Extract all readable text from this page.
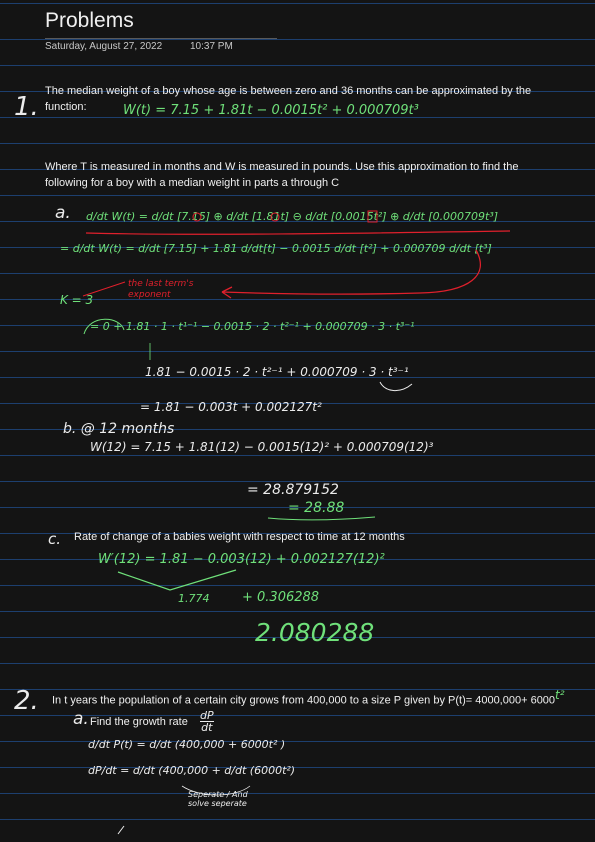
Problems
Saturday, August 27, 2022	10:37 PM
1.
The median weight of a boy whose age is between zero and 36 months can be approximated by the function:	W(t) = 7.15 + 1.81t − 0.0015t² + 0.000709t³
Where T is measured in months and W is measured in pounds. Use this approximation to find the following for a boy with a median weight in parts a through C
a. d/dt W(t) = d/dt [7.15] ⊕ d/dt [1.81t] ⊖ d/dt [0.0015t²] ⊕ d/dt [0.000709t³]
= d/dt W(t) = d/dt [7.15] + 1.81 d/dt[t] − 0.0015 d/dt [t²] + 0.000709 d/dt [t³]
K = 3
the last term's exponent
= 0 + 1.81 · 1 · t¹⁻¹ − 0.0015 · 2 · t²⁻¹ + 0.000709 · 3 · t³⁻¹
1.81 − 0.0015 · 2 · t²⁻¹ + 0.000709 · 3 · t³⁻¹
= 1.81 − 0.003t + 0.002127t²
b. @ 12 months
W(12) = 7.15 + 1.81(12) − 0.0015(12)² + 0.000709(12)³
= 28.879152
= 28.88
c. Rate of change of a babies weight with respect to time at 12 months
W′(12) = 1.81 − 0.003(12) + 0.002127(12)²
1.774	+ 0.306288
2.080288
2. In t years the population of a certain city grows from 400,000 to a size P given by $P(t)= 4000,000+ 6000^{t^2}$
a. Find the growth rate $\frac{dP}{dt}$
d/dt P(t) = d/dt (400,000 + 6000t² )
dP/dt = d/dt (400,000 + d/dt (6000t²)
Seperate / And solve seperate
